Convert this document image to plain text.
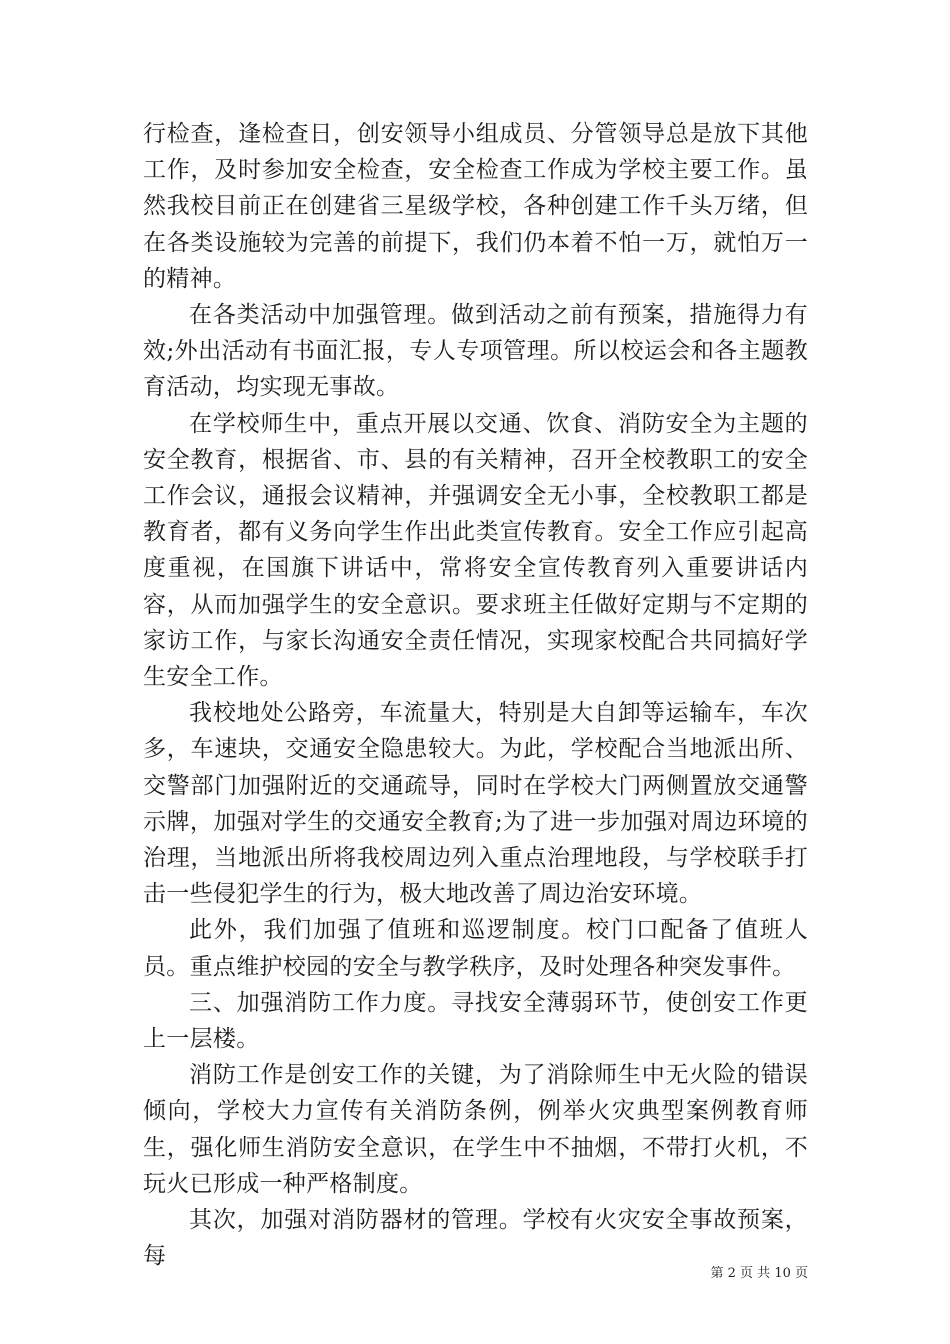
行检查，逢检查日，创安领导小组成员、分管领导总是放下其他工作，及时参加安全检查，安全检查工作成为学校主要工作。虽然我校目前正在创建省三星级学校，各种创建工作千头万绪，但在各类设施较为完善的前提下，我们仍本着不怕一万，就怕万一的精神。

在各类活动中加强管理。做到活动之前有预案，措施得力有效;外出活动有书面汇报，专人专项管理。所以校运会和各主题教育活动，均实现无事故。

在学校师生中，重点开展以交通、饮食、消防安全为主题的安全教育，根据省、市、县的有关精神，召开全校教职工的安全工作会议，通报会议精神，并强调安全无小事，全校教职工都是教育者，都有义务向学生作出此类宣传教育。安全工作应引起高度重视，在国旗下讲话中，常将安全宣传教育列入重要讲话内容，从而加强学生的安全意识。要求班主任做好定期与不定期的家访工作，与家长沟通安全责任情况，实现家校配合共同搞好学生安全工作。

我校地处公路旁，车流量大，特别是大自卸等运输车，车次多，车速块，交通安全隐患较大。为此，学校配合当地派出所、交警部门加强附近的交通疏导，同时在学校大门两侧置放交通警示牌，加强对学生的交通安全教育;为了进一步加强对周边环境的治理，当地派出所将我校周边列入重点治理地段，与学校联手打击一些侵犯学生的行为，极大地改善了周边治安环境。

此外，我们加强了值班和巡逻制度。校门口配备了值班人员。重点维护校园的安全与教学秩序，及时处理各种突发事件。

三、加强消防工作力度。寻找安全薄弱环节，使创安工作更上一层楼。

消防工作是创安工作的关键，为了消除师生中无火险的错误倾向，学校大力宣传有关消防条例，例举火灾典型案例教育师生，强化师生消防安全意识，在学生中不抽烟，不带打火机，不玩火已形成一种严格制度。

其次，加强对消防器材的管理。学校有火灾安全事故预案，每

第 2 页 共 10 页
